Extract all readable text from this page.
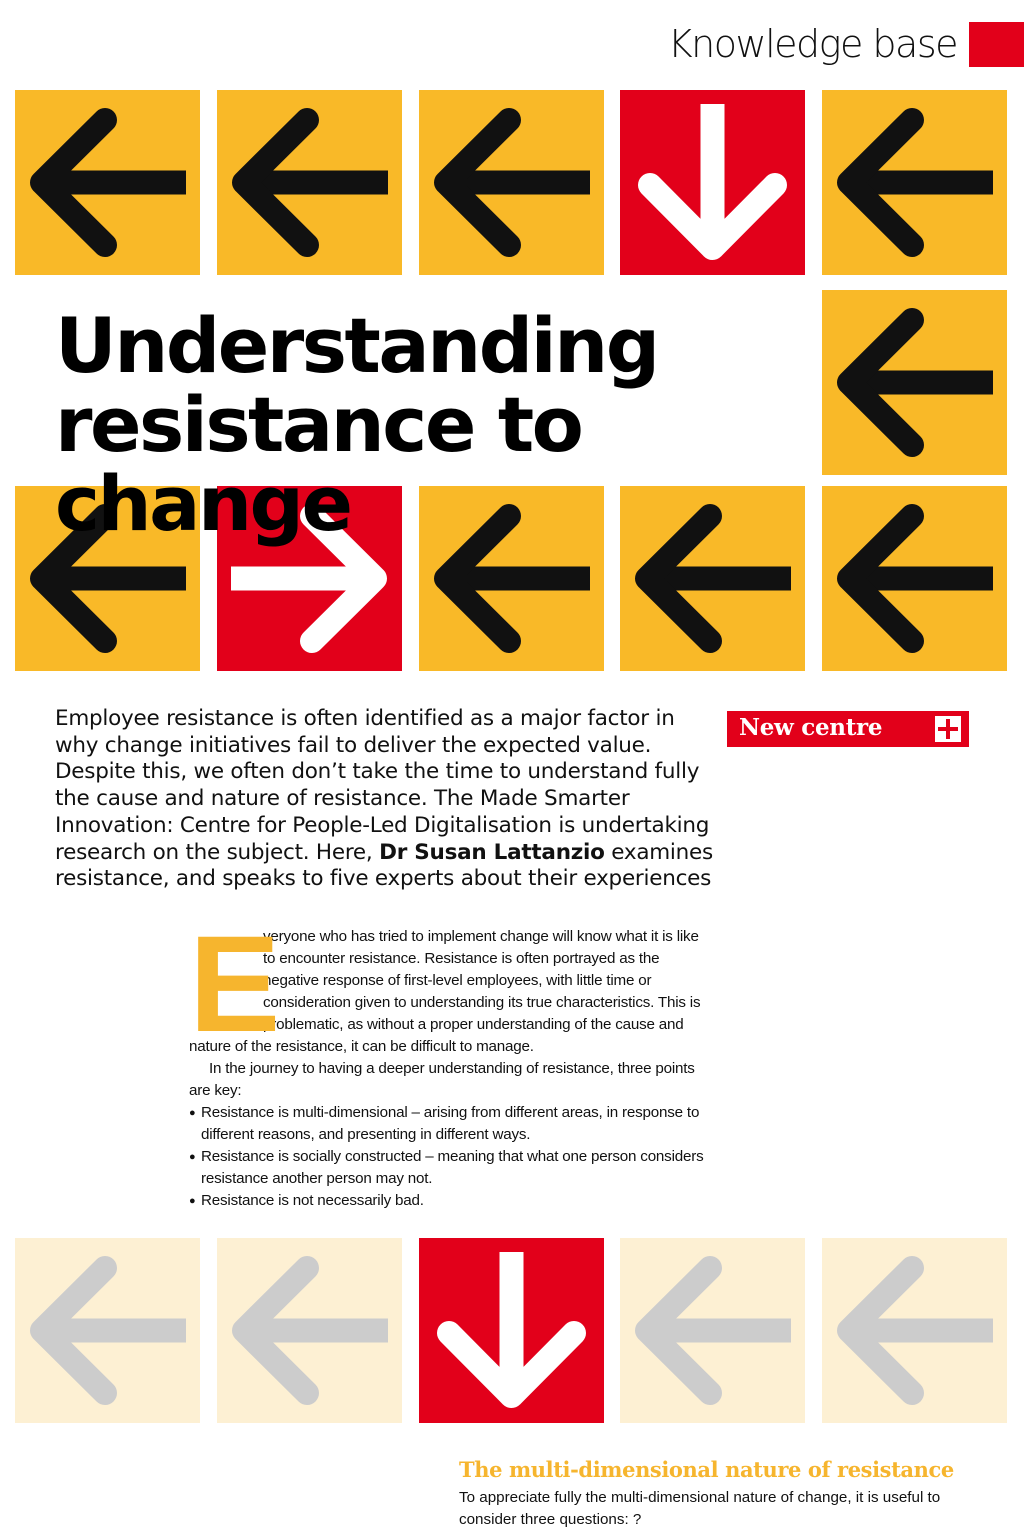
Knowledge base
Understanding
resistance to change

Employee resistance is often identified as a major factor in why change initiatives fail to deliver the expected value. Despite this, we often don’t take the time to understand fully the cause and nature of resistance. The Made Smarter Innovation: Centre for People-Led Digitalisation is undertaking research on the subject. Here, Dr Susan Lattanzio examines resistance, and speaks to five experts about their experiences

New centre
E

veryone who has tried to implement change will know what it is like to encounter resistance. Resistance is often portrayed as the negative response of first-level employees, with little time or consideration given to understanding its true characteristics. This is problematic, as without a proper understanding of the cause and nature of the resistance, it can be difficult to manage.

In the journey to having a deeper understanding of resistance, three points are key:

● Resistance is multi-dimensional – arising from different areas, in response to different reasons, and presenting in different ways.
● Resistance is socially constructed – meaning that what one person considers resistance another person may not.
● Resistance is not necessarily bad.
The multi-dimensional nature of resistance

To appreciate fully the multi-dimensional nature of change, it is useful to consider three questions: ?
